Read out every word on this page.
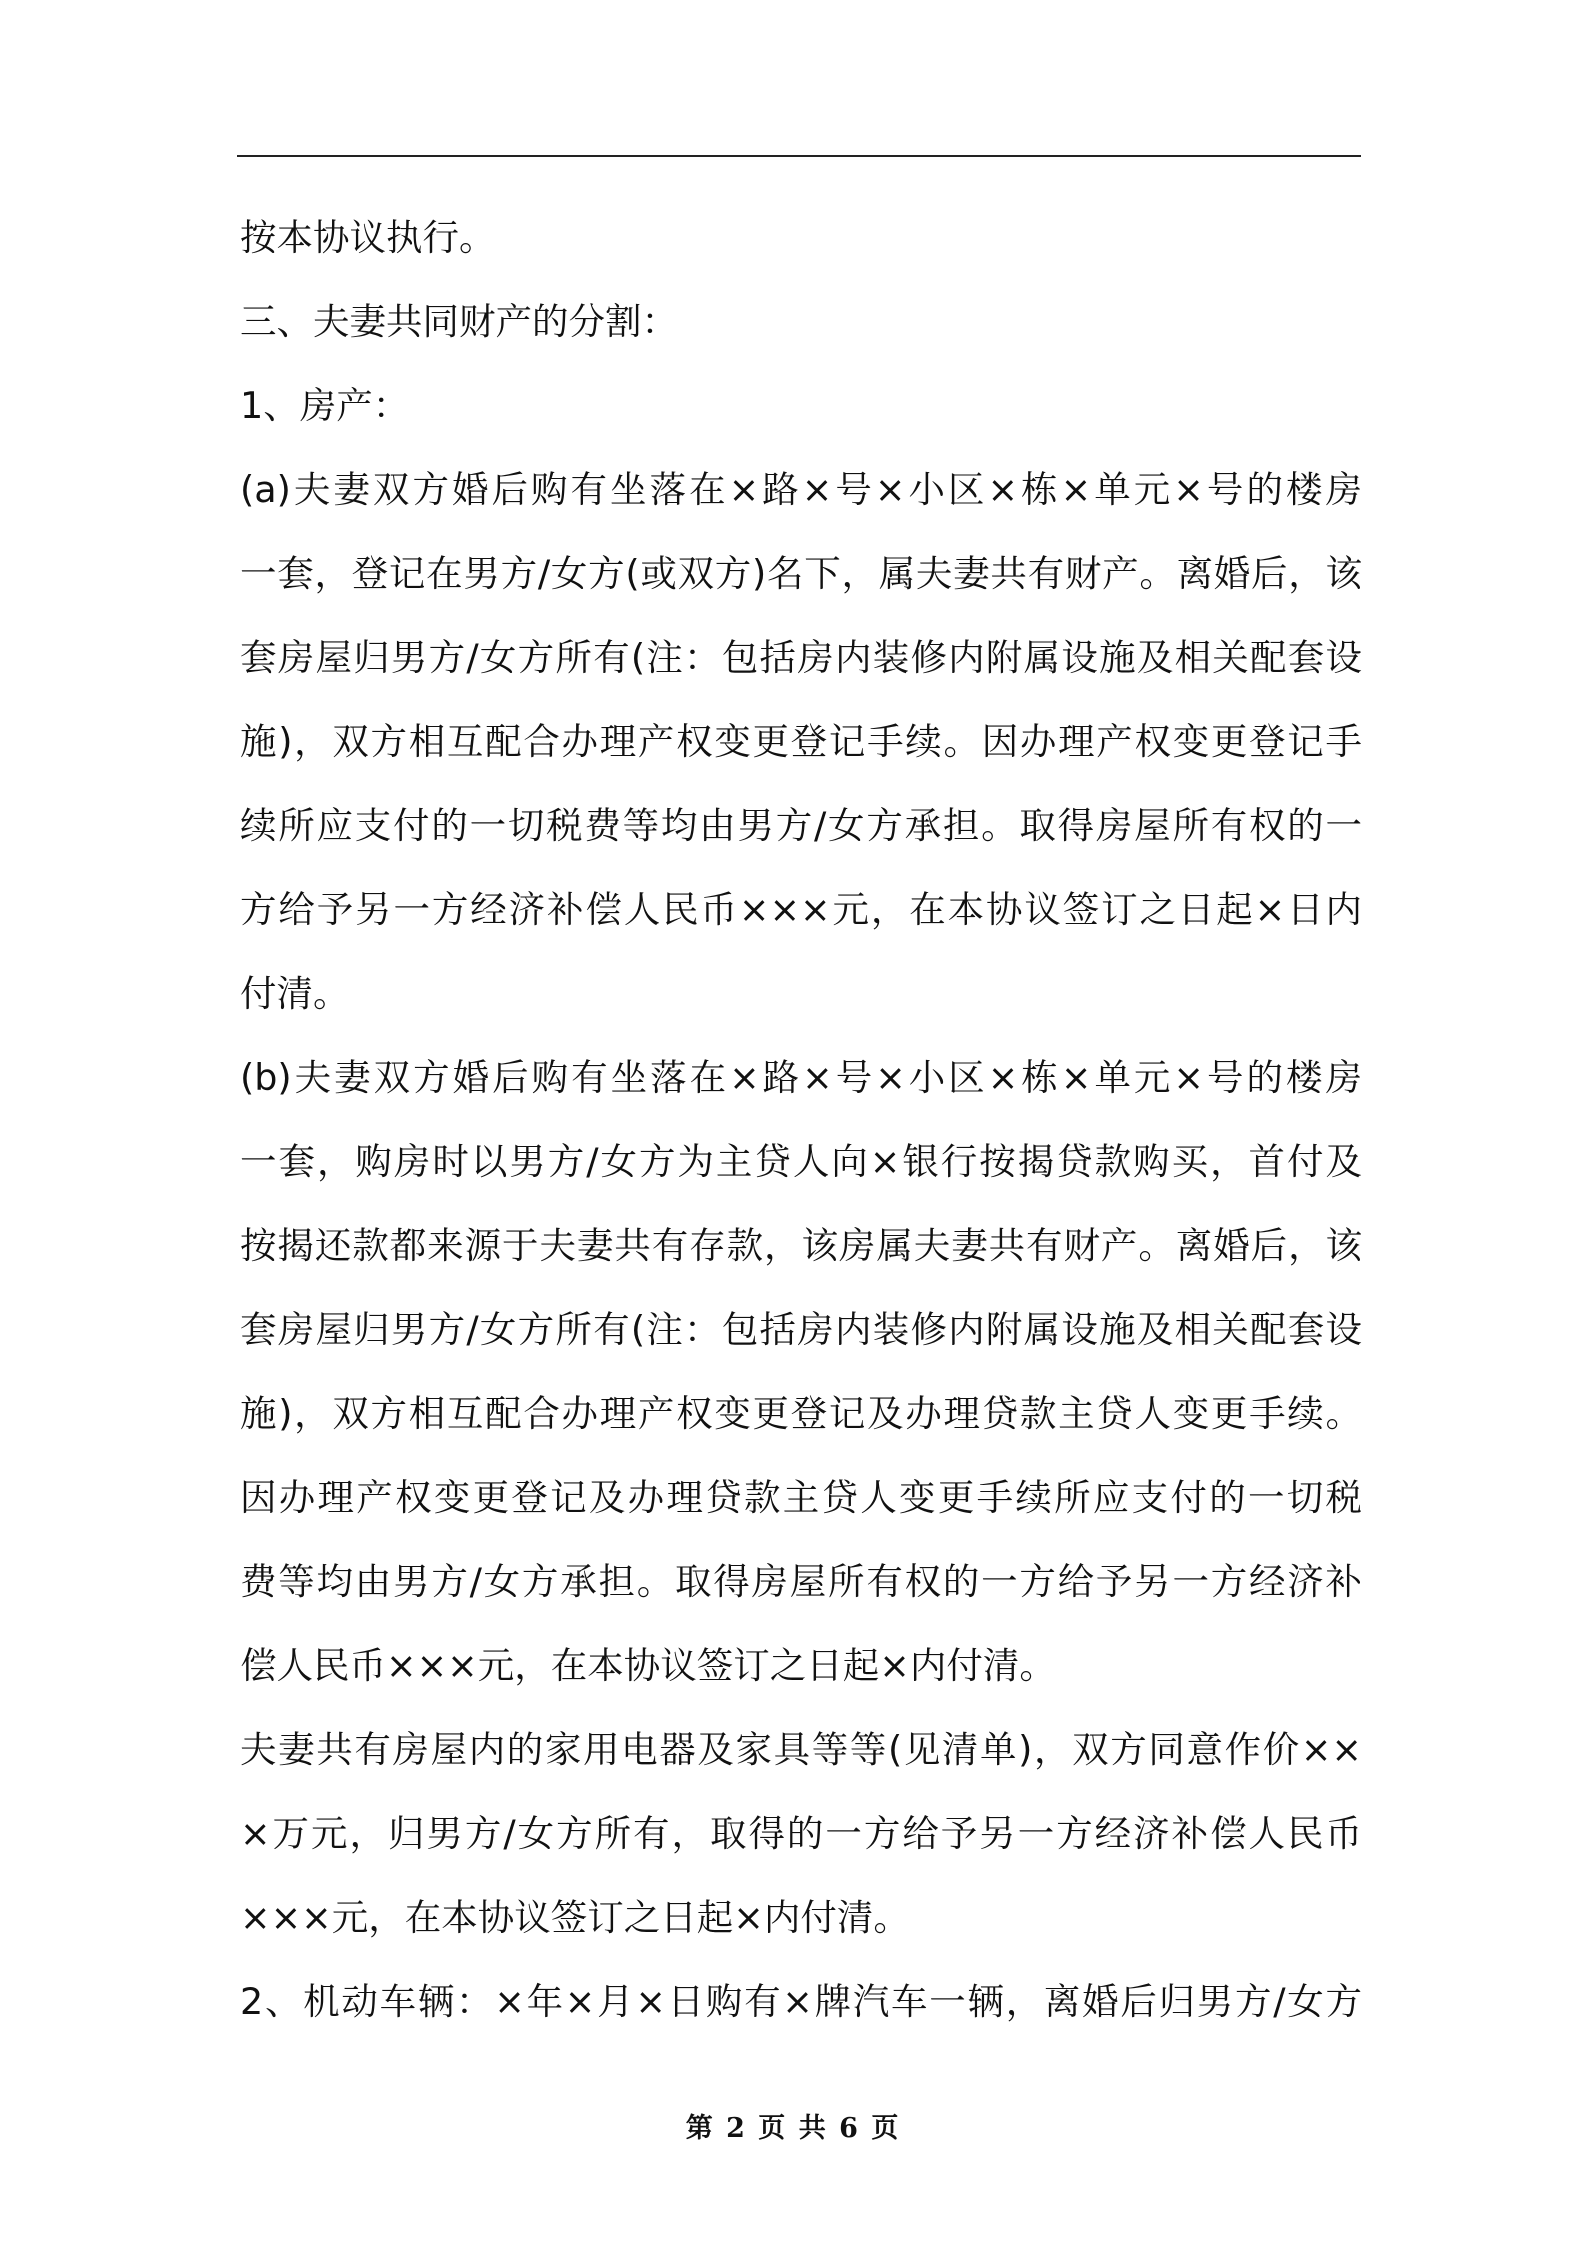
按本协议执行。
三、夫妻共同财产的分割：
1、房产：
(a)夫妻双方婚后购有坐落在×路×号×小区×栋×单元×号的楼房
一套，登记在男方/女方(或双方)名下，属夫妻共有财产。离婚后，该
套房屋归男方/女方所有(注：包括房内装修内附属设施及相关配套设
施)，双方相互配合办理产权变更登记手续。因办理产权变更登记手
续所应支付的一切税费等均由男方/女方承担。取得房屋所有权的一
方给予另一方经济补偿人民币×××元，在本协议签订之日起×日内
付清。
(b)夫妻双方婚后购有坐落在×路×号×小区×栋×单元×号的楼房
一套，购房时以男方/女方为主贷人向×银行按揭贷款购买，首付及
按揭还款都来源于夫妻共有存款，该房属夫妻共有财产。离婚后，该
套房屋归男方/女方所有(注：包括房内装修内附属设施及相关配套设
施)，双方相互配合办理产权变更登记及办理贷款主贷人变更手续。
因办理产权变更登记及办理贷款主贷人变更手续所应支付的一切税
费等均由男方/女方承担。取得房屋所有权的一方给予另一方经济补
偿人民币×××元，在本协议签订之日起×内付清。
夫妻共有房屋内的家用电器及家具等等(见清单)，双方同意作价××
×万元，归男方/女方所有，取得的一方给予另一方经济补偿人民币
×××元，在本协议签订之日起×内付清。
2、机动车辆：×年×月×日购有×牌汽车一辆，离婚后归男方/女方
第 2 页 共 6 页
